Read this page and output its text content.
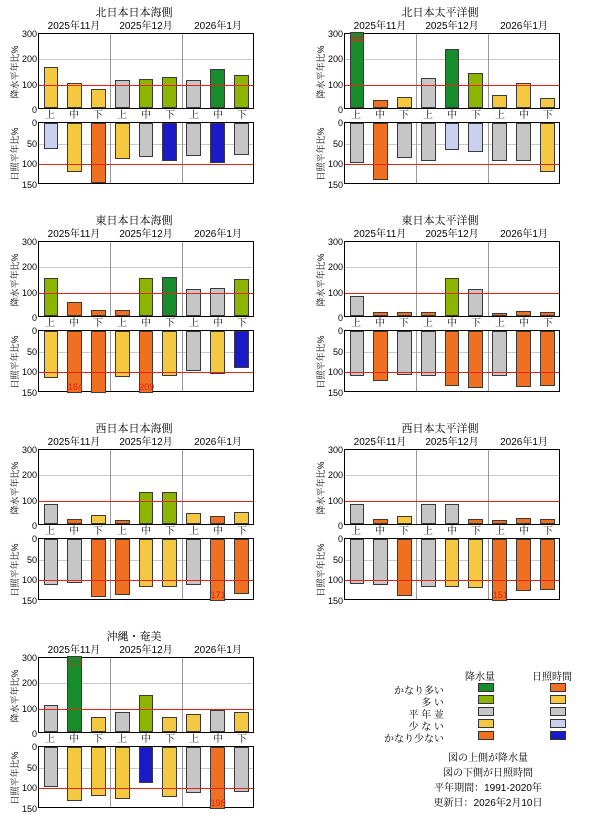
北日本日本海側
2025年11月	2025年12月	2026年1月
降水平年比%
300
200
100
0 上	中	下	上	中	下	上	中	下
日照平年比%
0
50
100
150
北日本太平洋側
2025年11月	2025年12月	2026年1月
降水平年比%
300
200
100
0
311
上	中	下	上	中	下	上	中	下
日照平年比%
0
50
100
150
東日本日本海側
2025年11月	2025年12月	2026年1月
降水平年比%
300
200
100
0 上	中	下	上	中	下	上	中	下
日照平年比%
0
50
100
150
164	209
東日本太平洋側
2025年11月	2025年12月	2026年1月
降水平年比%
300
200
100
0 上	中	下	上	中	下	上	中	下
日照平年比%
0
50
100
150
西日本日本海側
2025年11月	2025年12月	2026年1月
降水平年比%
300
200
100
0 上	中	下	上	中	下	上	中	下
日照平年比%
0
50
100
150
171
西日本太平洋側
2025年11月	2025年12月	2026年1月
降水平年比%
300
200
100
0 上	中	下	上	中	下	上	中	下
日照平年比%
0
50
100
150
151
沖縄・奄美
2025年11月	2025年12月	2026年1月
降水平年比%
300
200
100
0
417
上	中	下	上	中	下	上	中	下
日照平年比%
0
50
100
150
198
降水量	日照時間
かなり多い
多 い
平 年 並
少 な い
かなり少ない
図の上側が降水量
図の下側が日照時間
平年期間：1991-2020年
更新日：2026年2月10日
